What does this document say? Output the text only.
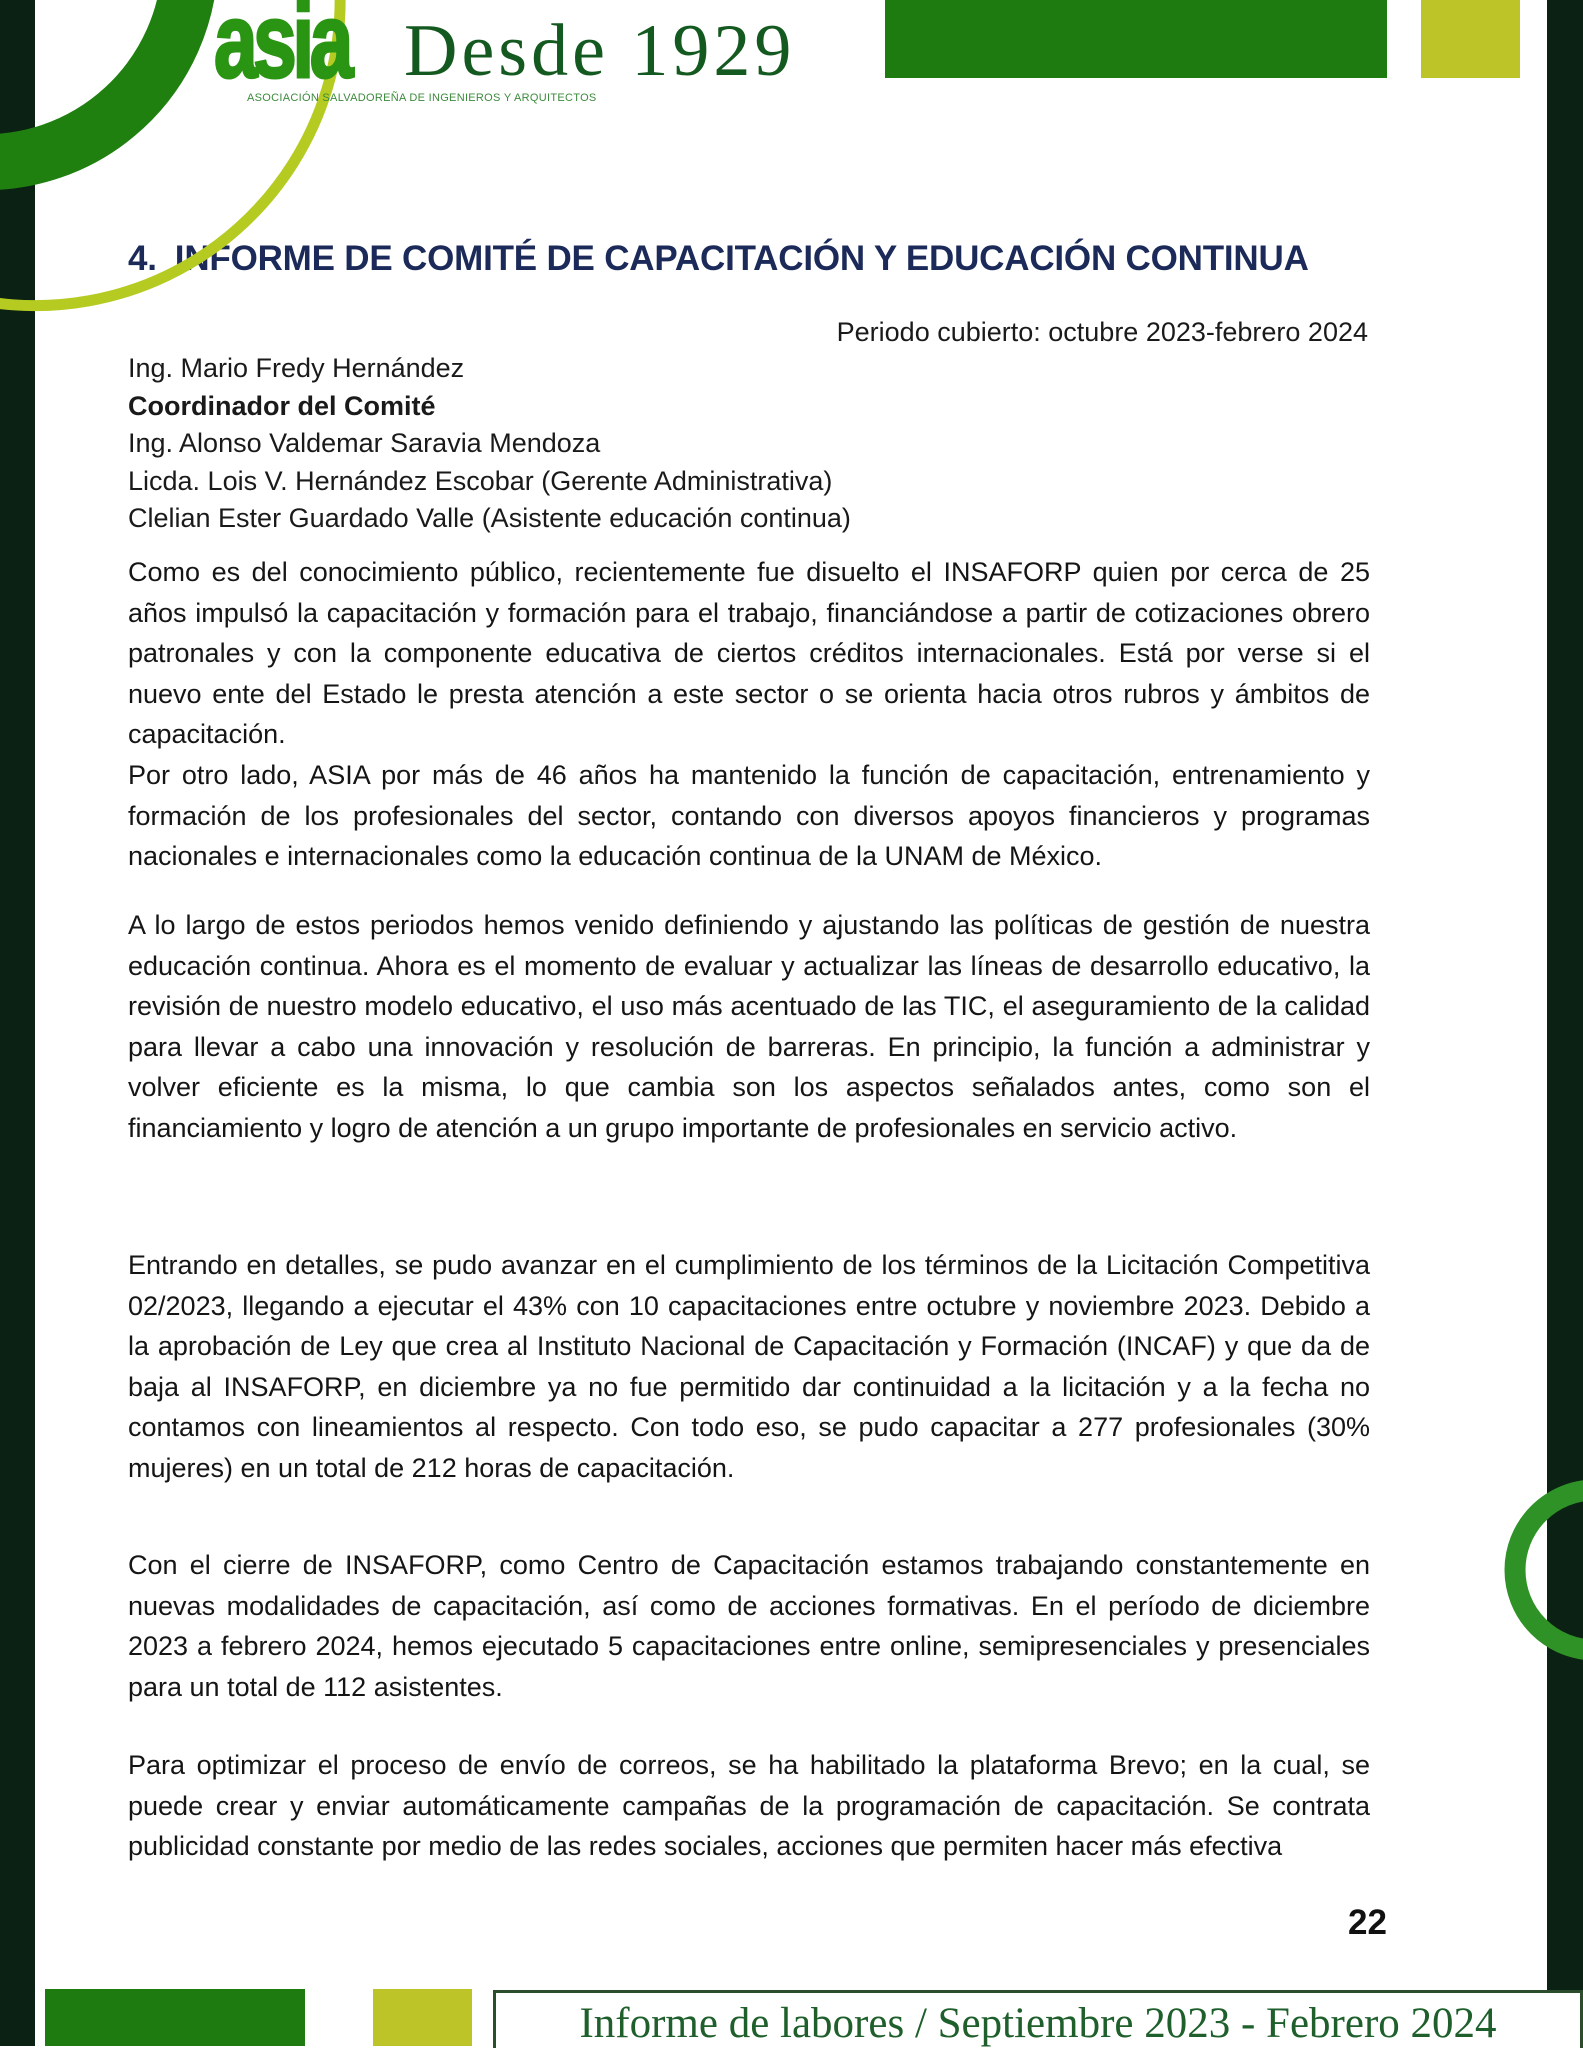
asia Desde 1929
ASOCIACIÓN SALVADOREÑA DE INGENIEROS Y ARQUITECTOS
4. INFORME DE COMITÉ DE CAPACITACIÓN Y EDUCACIÓN CONTINUA
Periodo cubierto: octubre 2023-febrero 2024
Ing. Mario Fredy Hernández
Coordinador del Comité
Ing. Alonso Valdemar Saravia Mendoza
Licda. Lois V. Hernández Escobar (Gerente Administrativa)
Clelian Ester Guardado Valle (Asistente educación continua)
Como es del conocimiento público, recientemente fue disuelto el INSAFORP quien por cerca de 25 años impulsó la capacitación y formación para el trabajo, financiándose a partir de cotizaciones obrero patronales y con la componente educativa de ciertos créditos internacionales. Está por verse si el nuevo ente del Estado le presta atención a este sector o se orienta hacia otros rubros y ámbitos de capacitación.
Por otro lado, ASIA por más de 46 años ha mantenido la función de capacitación, entrenamiento y formación de los profesionales del sector, contando con diversos apoyos financieros y programas nacionales e internacionales como la educación continua de la UNAM de México.
A lo largo de estos periodos hemos venido definiendo y ajustando las políticas de gestión de nuestra educación continua. Ahora es el momento de evaluar y actualizar las líneas de desarrollo educativo, la revisión de nuestro modelo educativo, el uso más acentuado de las TIC, el aseguramiento de la calidad para llevar a cabo una innovación y resolución de barreras. En principio, la función a administrar y volver eficiente es la misma, lo que cambia son los aspectos señalados antes, como son el financiamiento y logro de atención a un grupo importante de profesionales en servicio activo.
Entrando en detalles, se pudo avanzar en el cumplimiento de los términos de la Licitación Competitiva 02/2023, llegando a ejecutar el 43% con 10 capacitaciones entre octubre y noviembre 2023. Debido a la aprobación de Ley que crea al Instituto Nacional de Capacitación y Formación (INCAF) y que da de baja al INSAFORP, en diciembre ya no fue permitido dar continuidad a la licitación y a la fecha no contamos con lineamientos al respecto. Con todo eso, se pudo capacitar a 277 profesionales (30% mujeres) en un total de 212 horas de capacitación.
Con el cierre de INSAFORP, como Centro de Capacitación estamos trabajando constantemente en nuevas modalidades de capacitación, así como de acciones formativas. En el período de diciembre 2023 a febrero 2024, hemos ejecutado 5 capacitaciones entre online, semipresenciales y presenciales para un total de 112 asistentes.
Para optimizar el proceso de envío de correos, se ha habilitado la plataforma Brevo; en la cual, se puede crear y enviar automáticamente campañas de la programación de capacitación. Se contrata publicidad constante por medio de las redes sociales, acciones que permiten hacer más efectiva
22
Informe de labores / Septiembre 2023 - Febrero 2024
